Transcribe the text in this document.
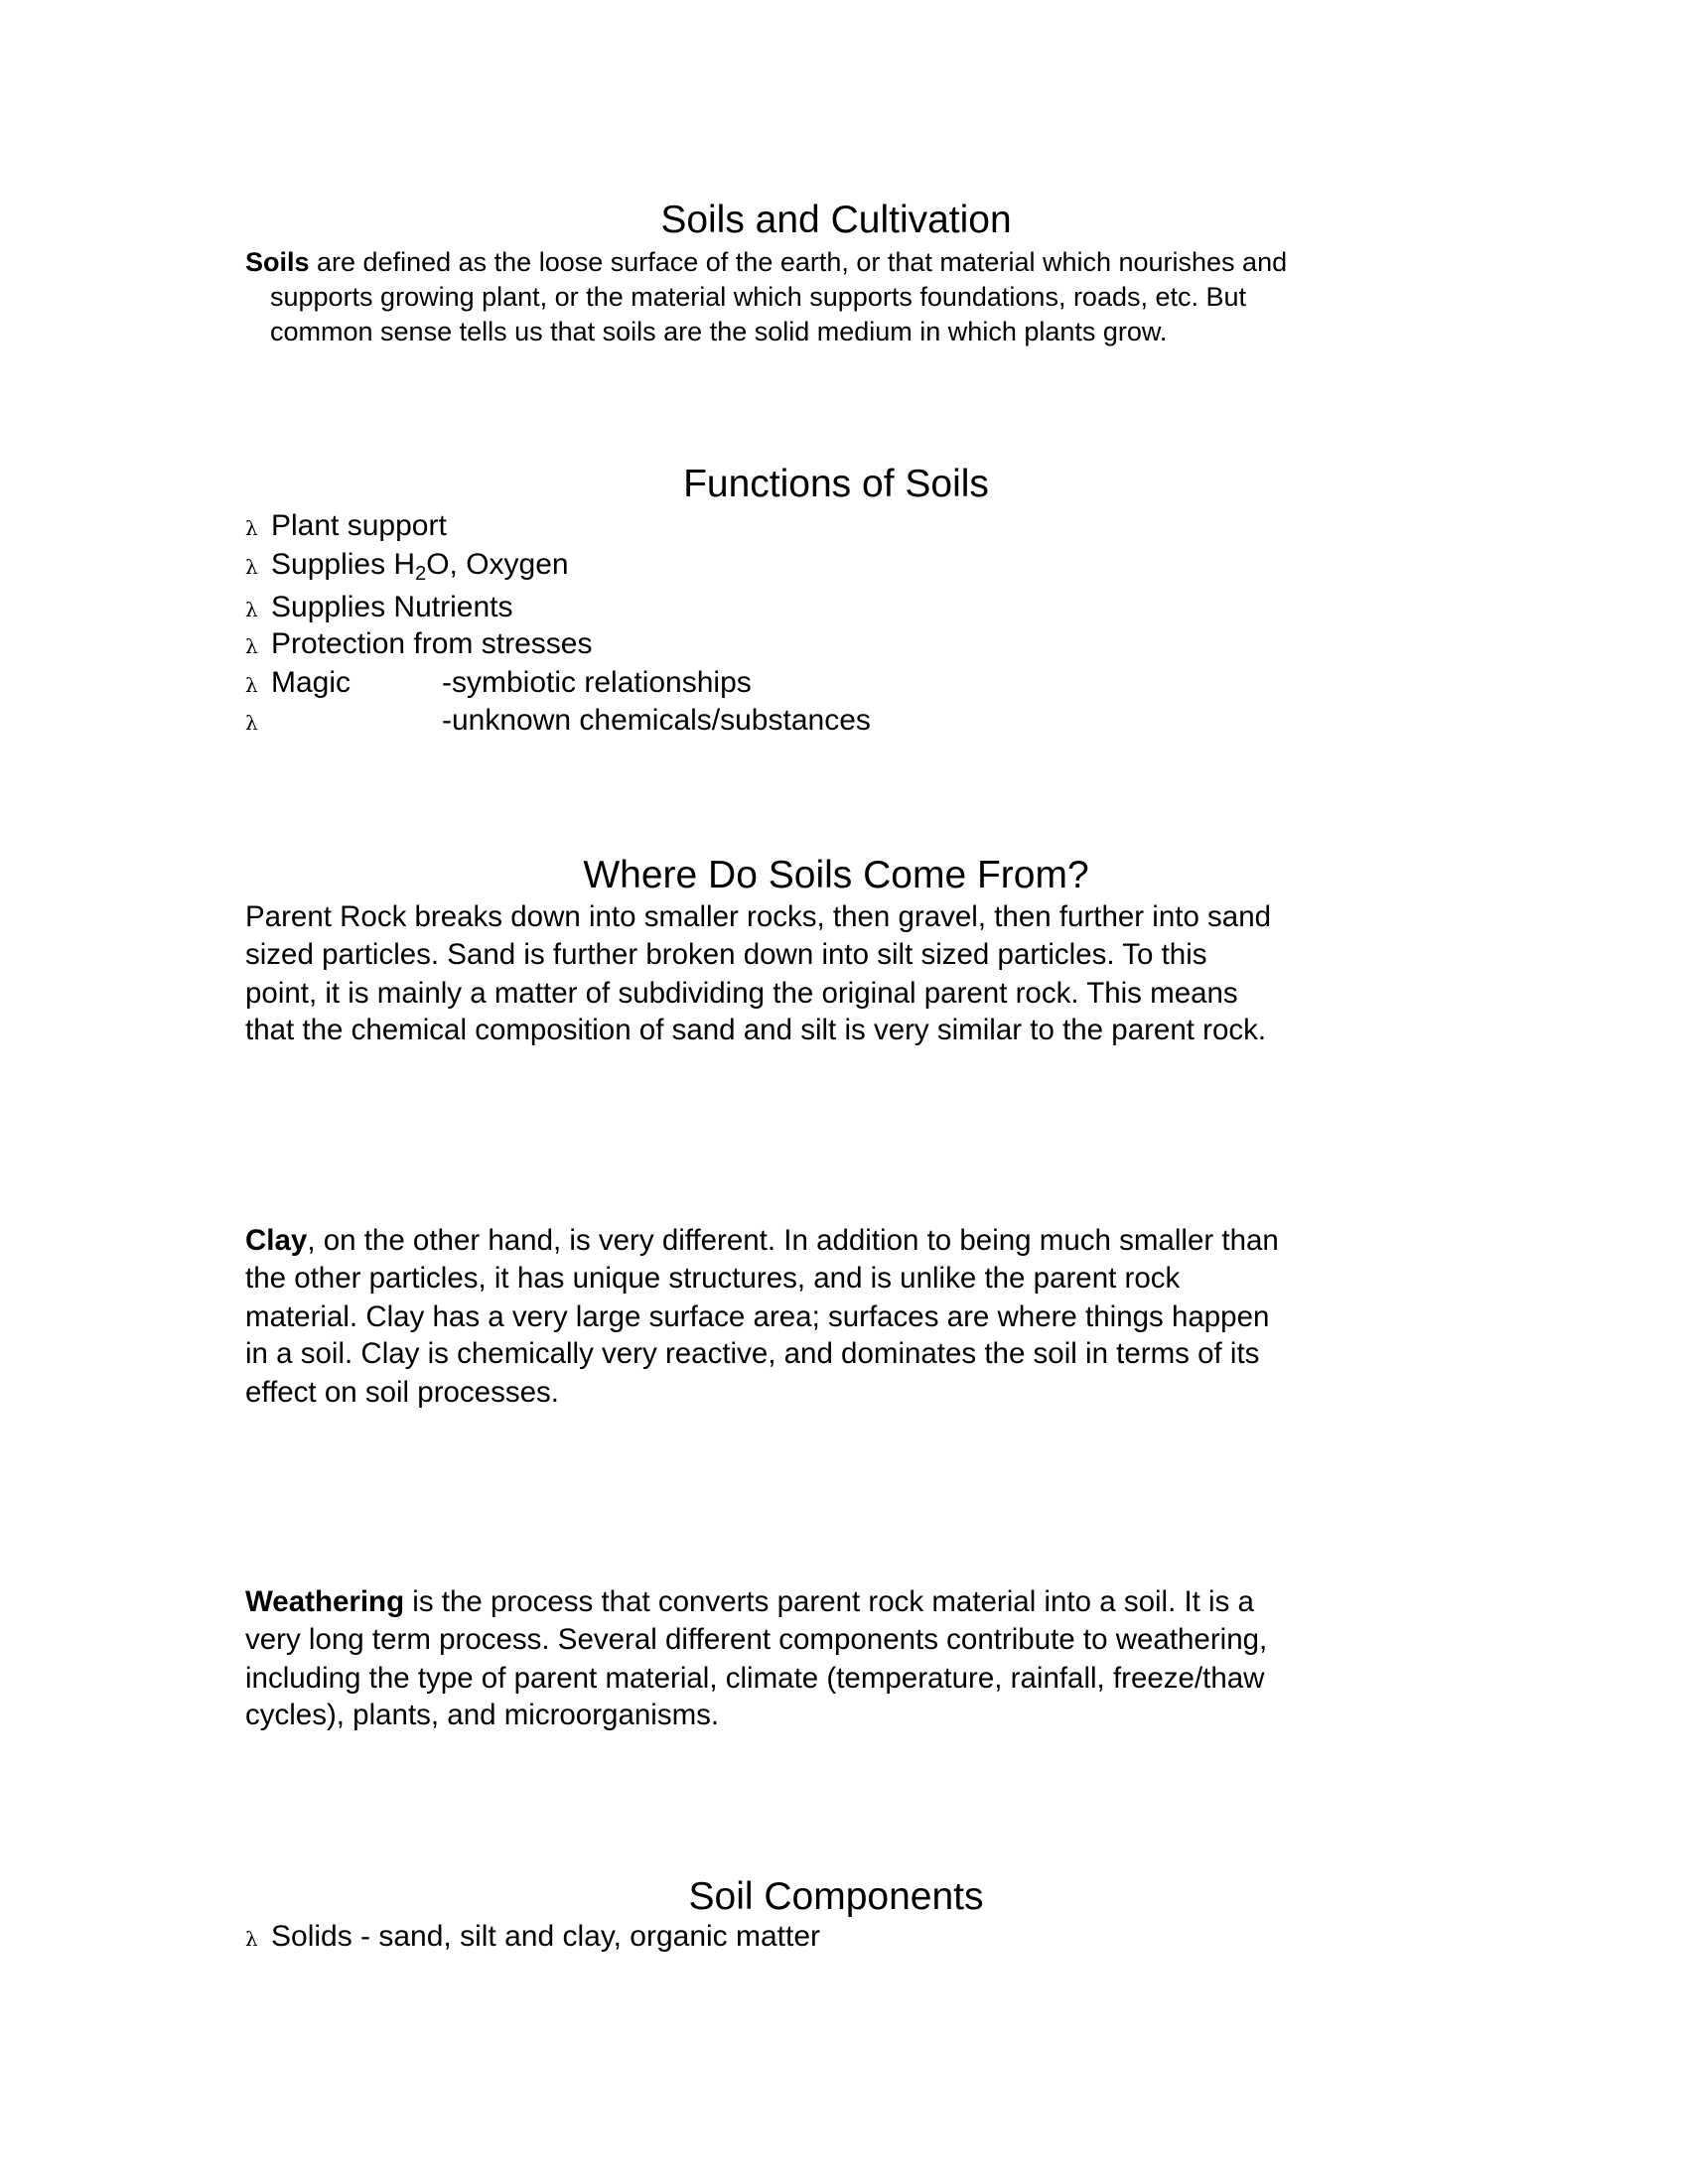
Soils and Cultivation
Soils are defined as the loose surface of the earth, or that material which nourishes and
supports growing plant, or the material which supports foundations, roads, etc. But
common sense tells us that soils are the solid medium in which plants grow.
Functions of Soils
λ Plant support
λ Supplies $H_2O$, Oxygen
λ Supplies Nutrients
λ Protection from stresses
λ Magic	-symbiotic relationships
λ	-unknown chemicals/substances
Where Do Soils Come From?
Parent Rock breaks down into smaller rocks, then gravel, then further into sand
sized particles. Sand is further broken down into silt sized particles. To this
point, it is mainly a matter of subdividing the original parent rock. This means
that the chemical composition of sand and silt is very similar to the parent rock.
Clay, on the other hand, is very different. In addition to being much smaller than
the other particles, it has unique structures, and is unlike the parent rock
material. Clay has a very large surface area; surfaces are where things happen
in a soil. Clay is chemically very reactive, and dominates the soil in terms of its
effect on soil processes.
Weathering is the process that converts parent rock material into a soil. It is a
very long term process. Several different components contribute to weathering,
including the type of parent material, climate (temperature, rainfall, freeze/thaw
cycles), plants, and microorganisms.
Soil Components
λ Solids - sand, silt and clay, organic matter
